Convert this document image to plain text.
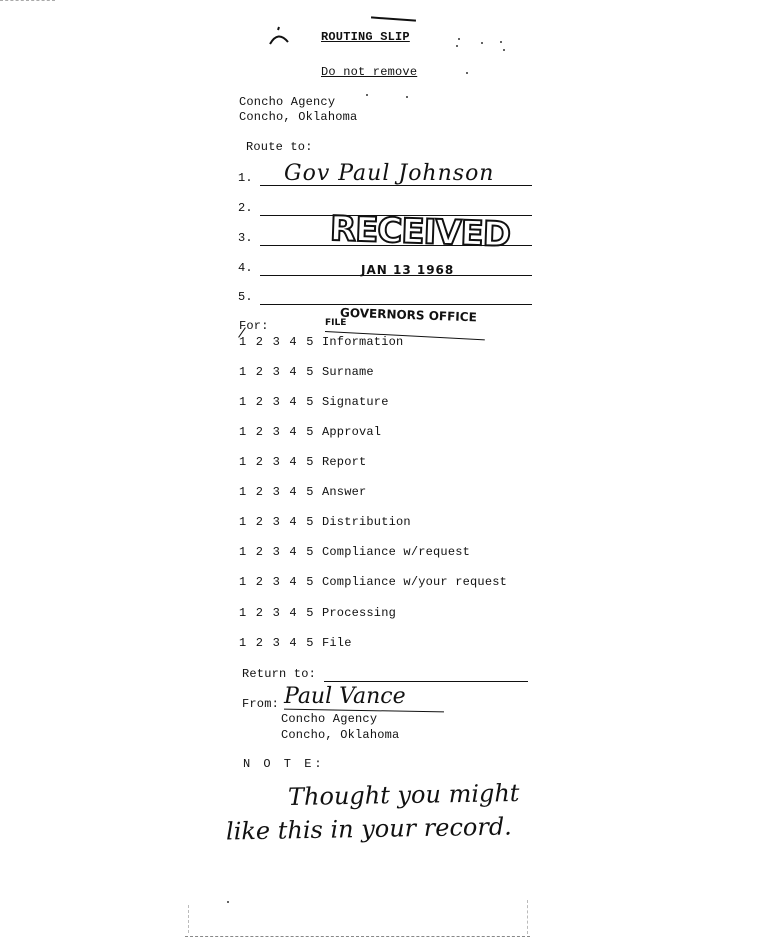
ROUTING SLIP
Do not remove
Concho Agency
Concho, Oklahoma
Route to:
1. Gov Paul Johnson
2.
3.
4.
5.
RECEIVED
JAN 13 1968
GOVERNORS OFFICE
FILE
For:
1 2 3 4 5 Information
1 2 3 4 5 Surname
1 2 3 4 5 Signature
1 2 3 4 5 Approval
1 2 3 4 5 Report
1 2 3 4 5 Answer
1 2 3 4 5 Distribution
1 2 3 4 5 Compliance w/request
1 2 3 4 5 Compliance w/your request
1 2 3 4 5 Processing
1 2 3 4 5 File
Return to:
From: Paul Vance
Concho Agency
Concho, Oklahoma
N O T E:
Thought you might
like this in your record.
